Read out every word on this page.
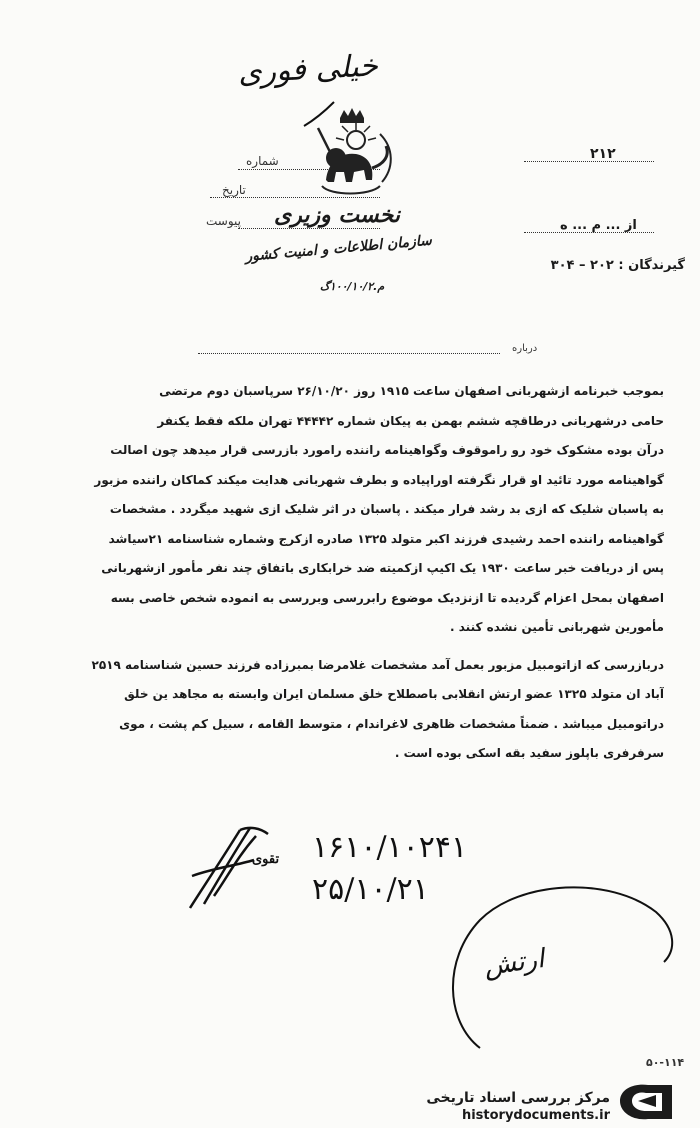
خیلی فوری
شماره
تاریخ
پیوست نخست وزیری
سازمان اطلاعات و امنیت کشور
م.۱۰۰/۱۰/۲گ
۲۱۲
از ... م ... ه
گیرندگان : ۲۰۲ – ۳۰۴
درباره
بموجب خبرنامه ازشهربانی اصفهان ساعت ۱۹۱۵ روز ۲۶/۱۰/۲۰ سرپاسبان دوم مرتضی
حامی درشهربانی درطاقچه ششم بهمن به پیکان شماره ۴۴۴۴۲ تهران ملکه فقط یکنفر
درآن بوده مشکوک خود رو راموقوف وگواهینامه راننده رامورد بازرسی قرار میدهد چون اصالت
گواهینامه مورد تائید او قرار نگرفته اوراپیاده و بطرف شهربانی هدایت میکند کماکان راننده مزبور
به پاسبان شلیک که ازی بد رشد فرار میکند . پاسبان در اثر شلیک ازی شهید میگردد . مشخصات
گواهینامه راننده احمد رشیدی فرزند اکبر متولد ۱۳۲۵ صادره ازکرج وشماره شناسنامه ۲۱سیاشد
پس از دریافت خبر ساعت ۱۹۳۰ یک اکیپ ازکمیته ضد خرابکاری باتفاق چند نفر مأمور ازشهربانی
اصفهان بمحل اعزام گردیده تا ازنزدیک موضوع رابررسی وبررسی به انموده شخص خاصی بسه
مأمورین شهربانی تأمین نشده کنند .
دربازرسی که ازاتومبیل مزبور بعمل آمد مشخصات غلامرضا بمبرزاده فرزند حسین شناسنامه ۲۵۱۹
آباد ان متولد ۱۳۲۵ عضو ارتش انقلابی باصطلاح خلق مسلمان ایران وابسته به مجاهد ین خلق
دراتومبیل میباشد . ضمناً مشخصات ظاهری لاغراندام ، متوسط القامه ، سبیل کم پشت ، موی
سرفرفری باپلوز سفید بقه اسکی بوده است .
تقوی ۱۶۱۰/۱۰۲۴۱
۲۵/۱۰/۲۱
ارتش
۵۰-۱۱۴
مرکز بررسی اسناد تاریخی
historydocuments.ir
